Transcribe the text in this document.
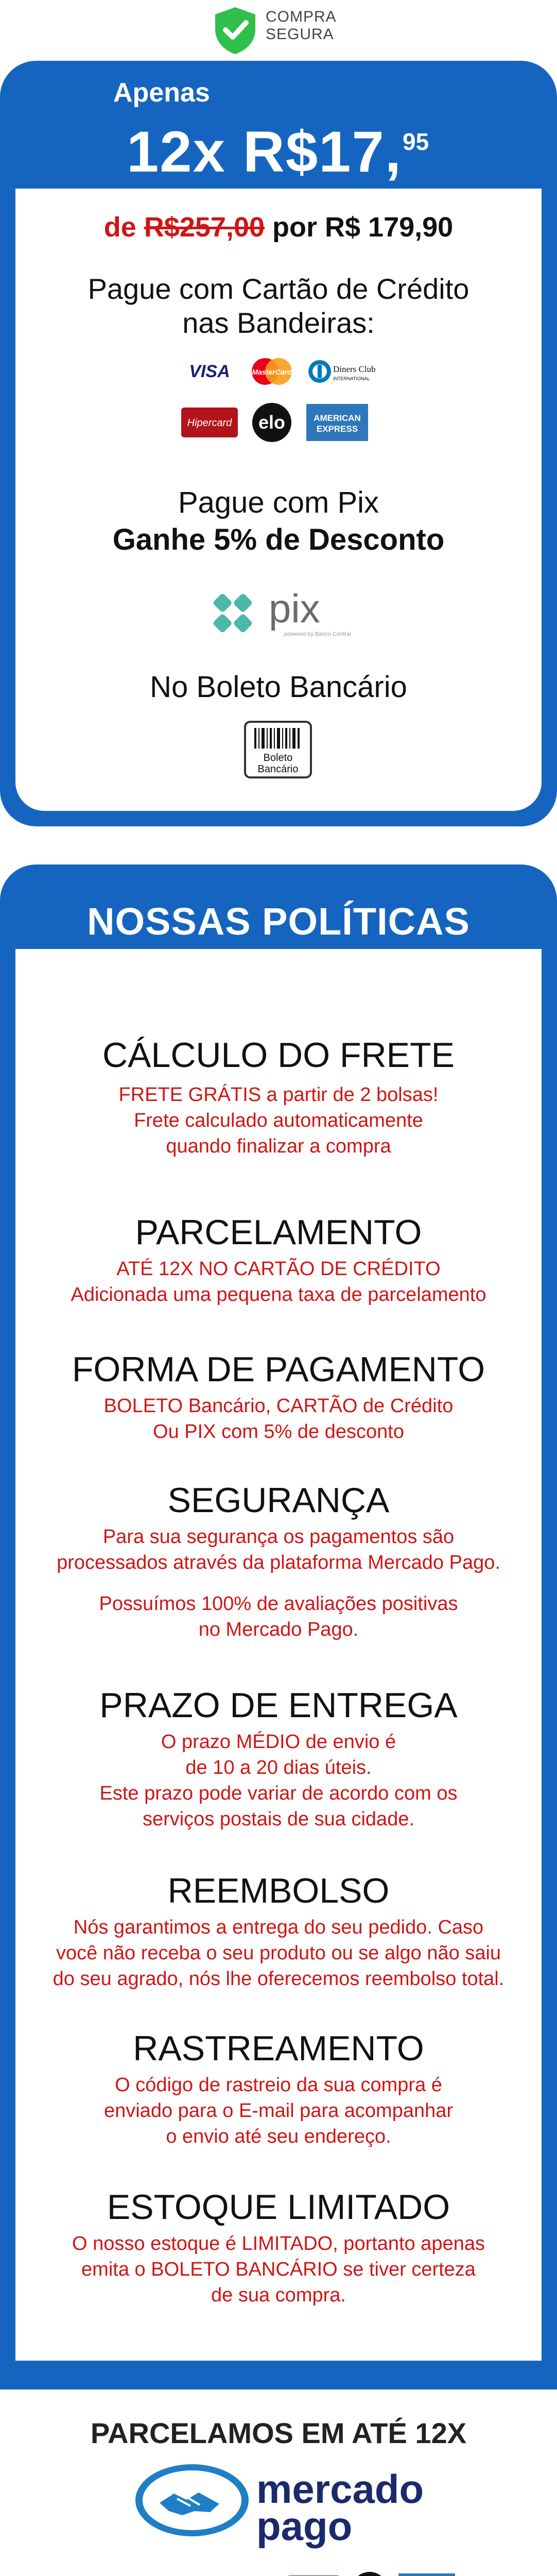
COMPRA
SEGURA
Apenas
12x R$17, 95
de R$257,00 por R$ 179,90
Pague com Cartão de Crédito
nas Bandeiras:
VISA
	MasterCard
	Diners Club
INTERNATIONAL
Hipercard
elo
	AMERICAN
EXPRESS
Pague com Pix
Ganhe 5% de Desconto
pix
powered by Banco Central
No Boleto Bancário
Boleto
Bancário
NOSSAS POLÍTICAS
CÁLCULO DO FRETE

FRETE GRÁTIS a partir de 2 bolsas!

Frete calculado automaticamente

quando finalizar a compra

PARCELAMENTO

ATÉ 12X NO CARTÃO DE CRÉDITO

Adicionada uma pequena taxa de parcelamento

FORMA DE PAGAMENTO

BOLETO Bancário, CARTÃO de Crédito

Ou PIX com 5% de desconto

SEGURANÇA

Para sua segurança os pagamentos são

processados através da plataforma Mercado Pago.

Possuímos 100% de avaliações positivas

no Mercado Pago.

PRAZO DE ENTREGA

O prazo MÉDIO de envio é

de 10 a 20 dias úteis.

Este prazo pode variar de acordo com os

serviços postais de sua cidade.

REEMBOLSO

Nós garantimos a entrega do seu pedido. Caso

você não receba o seu produto ou se algo não saiu

do seu agrado, nós lhe oferecemos reembolso total.

RASTREAMENTO

O código de rastreio da sua compra é

enviado para o E-mail para acompanhar

o envio até seu endereço.

ESTOQUE LIMITADO

O nosso estoque é LIMITADO, portanto apenas

emita o BOLETO BANCÁRIO se tiver certeza

de sua compra.

PARCELAMOS EM ATÉ 12X
mercado
pago
